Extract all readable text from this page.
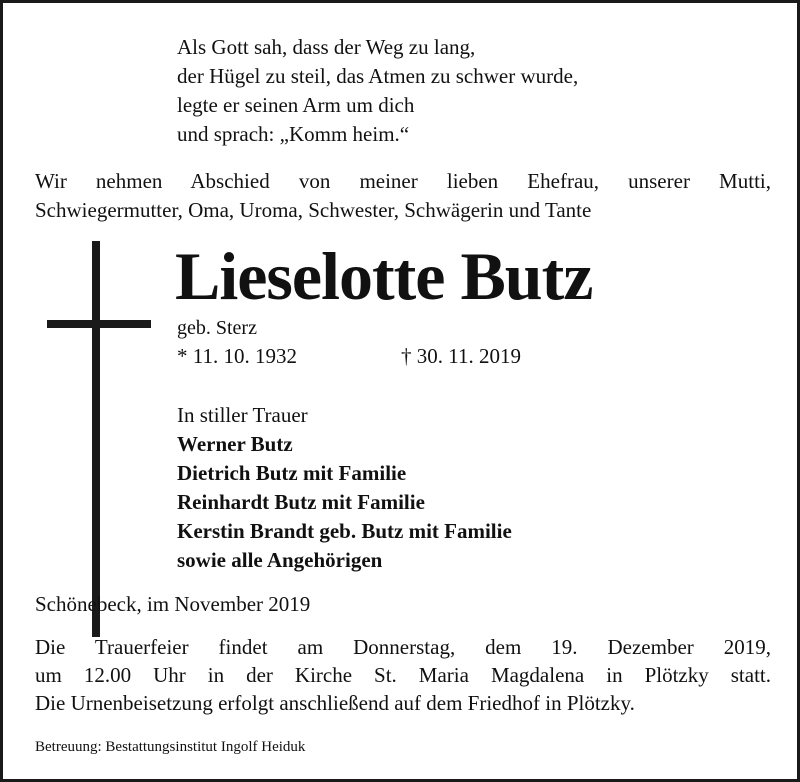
Als Gott sah, dass der Weg zu lang,
der Hügel zu steil, das Atmen zu schwer wurde,
legte er seinen Arm um dich
und sprach: „Komm heim.“
Wir nehmen Abschied von meiner lieben Ehefrau, unserer Mutti,
Schwiegermutter, Oma, Uroma, Schwester, Schwägerin und Tante
Lieselotte Butz
geb. Sterz
* 11. 10. 1932	† 30. 11. 2019
In stiller Trauer
Werner Butz
Dietrich Butz mit Familie
Reinhardt Butz mit Familie
Kerstin Brandt geb. Butz mit Familie
sowie alle Angehörigen
Schönebeck, im November 2019
Die Trauerfeier findet am Donnerstag, dem 19. Dezember 2019,
um 12.00 Uhr in der Kirche St. Maria Magdalena in Plötzky statt.
Die Urnenbeisetzung erfolgt anschließend auf dem Friedhof in Plötzky.
Betreuung: Bestattungsinstitut Ingolf Heiduk
